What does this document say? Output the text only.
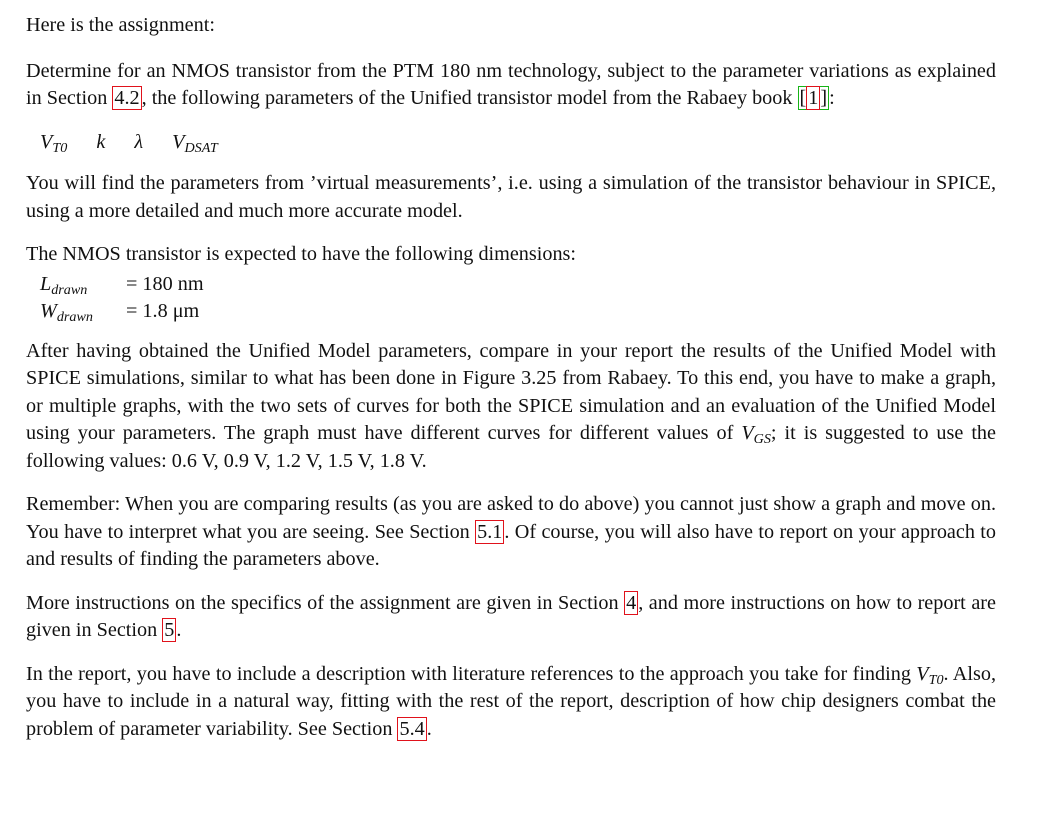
Here is the assignment:

Determine for an NMOS transistor from the PTM 180 nm technology, subject to the parameter variations as explained in Section 4.2, the following parameters of the Unified transistor model from the Rabaey book [1]:

$V_{T0}$ k λ $V_{DSAT}$

You will find the parameters from ’virtual measurements’, i.e. using a simulation of the transistor behaviour in SPICE, using a more detailed and much more accurate model.

The NMOS transistor is expected to have the following dimensions:

$L_{drawn} = 180$ nm
$W_{drawn} = 1.8$ μm

After having obtained the Unified Model parameters, compare in your report the results of the Unified Model with SPICE simulations, similar to what has been done in Figure 3.25 from Rabaey. To this end, you have to make a graph, or multiple graphs, with the two sets of curves for both the SPICE simulation and an evaluation of the Unified Model using your parameters. The graph must have different curves for different values of $V_{GS}$; it is suggested to use the following values: 0.6 V, 0.9 V, 1.2 V, 1.5 V, 1.8 V.

Remember: When you are comparing results (as you are asked to do above) you cannot just show a graph and move on. You have to interpret what you are seeing. See Section 5.1. Of course, you will also have to report on your approach to and results of finding the parameters above.

More instructions on the specifics of the assignment are given in Section 4, and more instructions on how to report are given in Section 5.

In the report, you have to include a description with literature references to the approach you take for finding $V_{T0}$. Also, you have to include in a natural way, fitting with the rest of the report, description of how chip designers combat the problem of parameter variability. See Section 5.4.
